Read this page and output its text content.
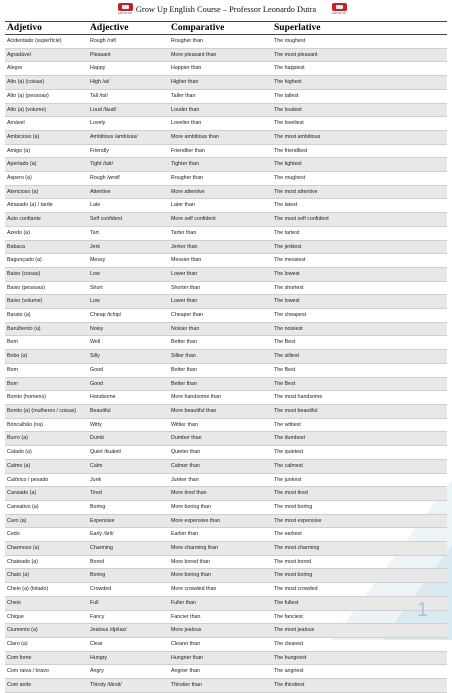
GROW UP Grow Up English Course – Professor Leonardo Dutra	GROW UP
Adjetivo	Adjective	Comparative	Superlative
Acidentado (superfície)	Rough /rəf/	Rougher than	The roughest
Agradável	Pleasant	More pleasant than	The most pleasant
Alegre	Happy	Happier than	The happiest
Alto (a) (coisas)	High /ai/	Higher than	The highest
Alto (a) (pessoas)	Tall /tol/	Taller than	The tallest
Alto (a) (volume)	Loud /láud/	Louder than	The loudest
Amável	Lovely	Lovelier than	The loveliest
Ambicioso (a)	Ambitious /ambíxas/	More ambitious than	The most ambitious
Amigo (a)	Friendly	Friendlier than	The friendliest
Apertado (a)	Tight /tait/	Tighter than	The tightest
Áspero (a)	Rough /wrəf/	Rougher than	The roughest
Atencioso (a)	Attentive	More attentive	The most attentive
Atrasado (a) / tarde	Late	Later than	The latest
Auto confiante	Self confident	More self confident	The most self confident
Azedo (a)	Tart	Tarter than	The tartest
Babaca	Jerk	Jerker than	The jerkiest
Bagunçado (a)	Messy	Messier than	The messiest
Baixo (coisas)	Low	Lower than	The lowest
Baixo (pessoas)	Short	Shorter than	The shortest
Baixo (volume)	Low	Lower than	The lowest
Barato (a)	Cheap /tchip/	Cheaper than	The cheapest
Barulhento (a)	Noisy	Noisier than	The noisiest
Bem	Well	Better than	The Best
Bobo (a)	Silly	Sillier than	The silliest
Bom	Good	Better than	The Best
Bom	Good	Better than	The Best
Bonito (homens)	Handsome	More handsome than	The most handsome
Bonito (a) (mulheres / coisas)	Beautiful	More beautiful than	The most beautiful
Brincalhão (na)	Witty	Wittier than	The wittiest
Burro (a)	Dumb	Dumber than	The dumbest
Calado (a)	Quiet /kuáiet/	Quieter than	The quietest
Calmo (a)	Calm	Calmer than	The calmest
Calórico / pesado	Junk	Junker than	The junkest
Cansado (a)	Tired	More tired than	The most tired
Cansativo (a)	Boring	More boring than	The most boring
Caro (a)	Expensive	More expensive than	The most expensive
Cedo	Early /ârli/	Earlier than	The earliest
Charmoso (a)	Charming	More charming than	The most charming
Chateado (a)	Bored	More bored than	The most bored
Chato (a)	Boring	More boring than	The most boring
Cheio (a) (lotado)	Crowded	More crowded than	The most crowded
Cheio	Full	Fuller than	The fullest
Chique	Fancy	Fancier than	The fanciest
Ciumento (a)	Jealous /djélas/	More jealous	The most jealous
Claro (a)	Clear	Clearer than	The clearest
Com fome	Hungry	Hungrier than	The hungriest
Com raiva / bravo	Angry	Angrier than	The angriest
Com sede	Thirsty /târsti/	Thirstier than	The thirstiest
1
